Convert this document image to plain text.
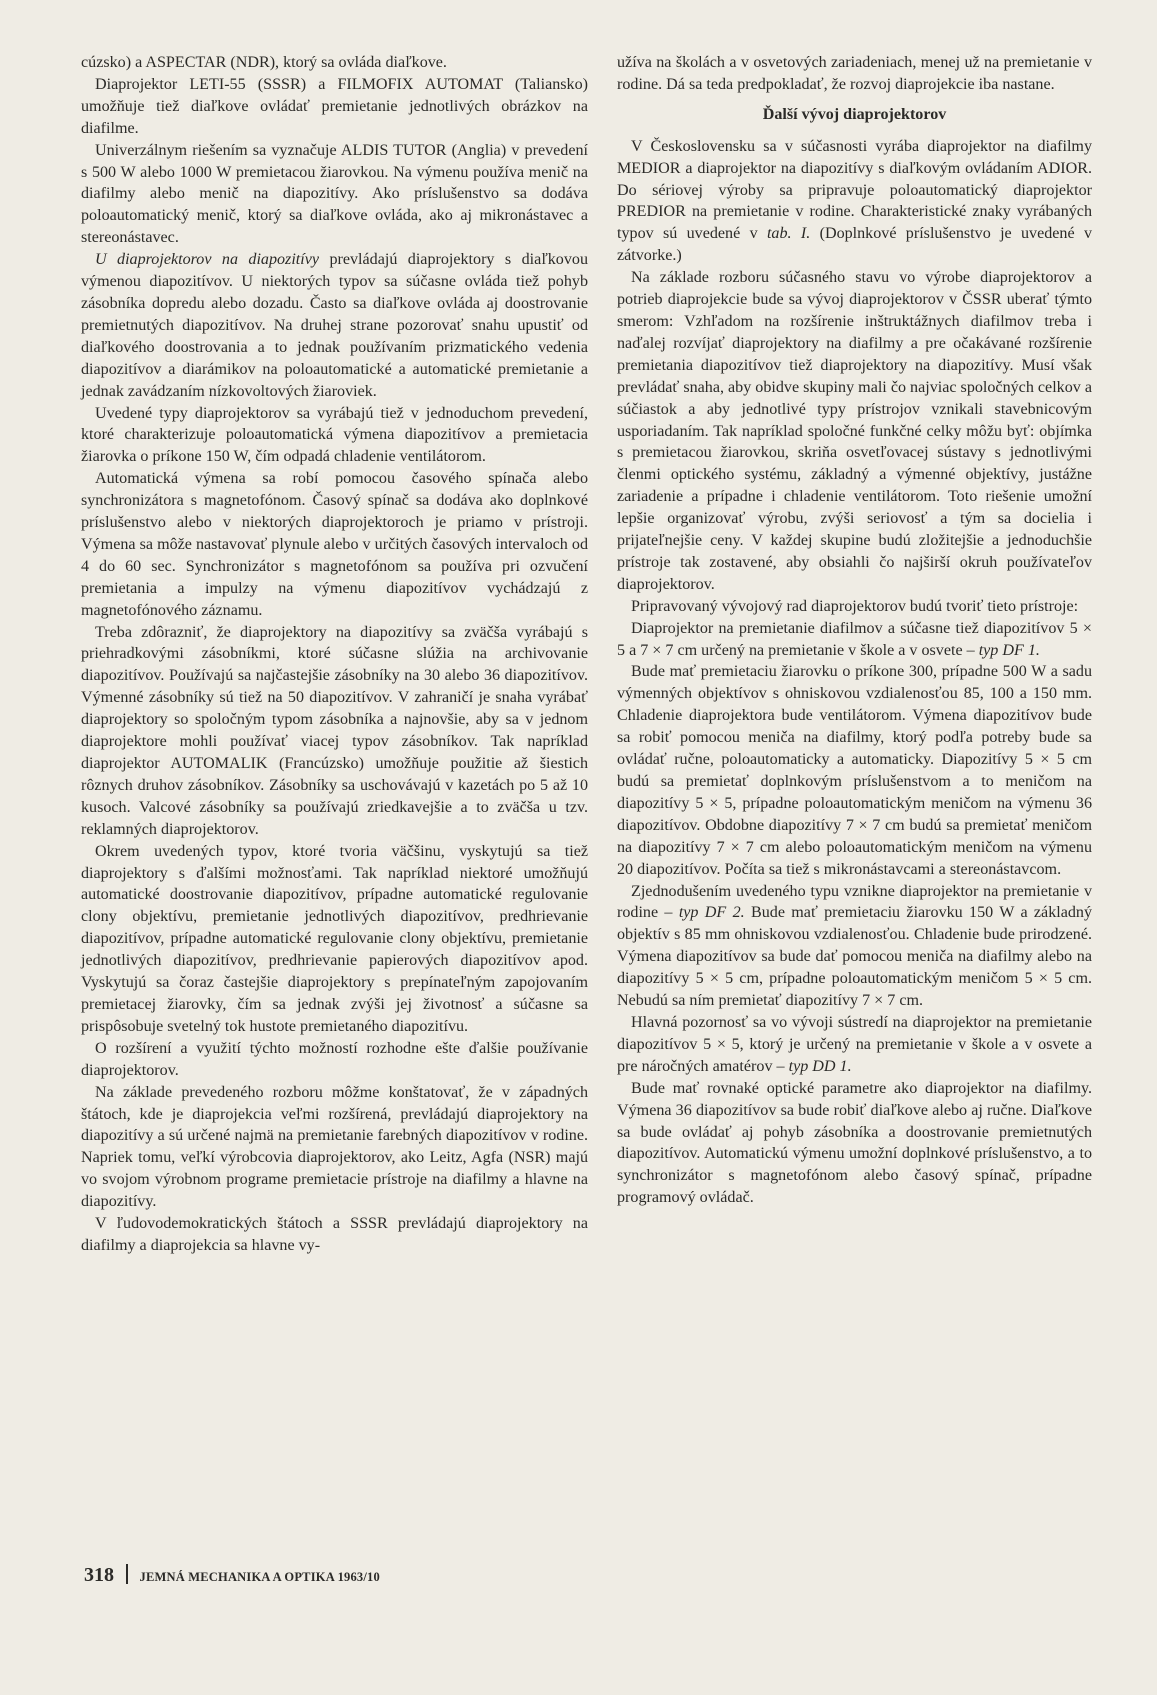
cúzsko) a ASPECTAR (NDR), ktorý sa ovláda diaľkove.

Diaprojektor LETI-55 (SSSR) a FILMOFIX AUTOMAT (Taliansko) umožňuje tiež diaľkove ovládať premietanie jednotlivých obrázkov na diafilme.

Univerzálnym riešením sa vyznačuje ALDIS TUTOR (Anglia) v prevedení s 500 W alebo 1000 W premietacou žiarovkou. Na výmenu používa menič na diafilmy alebo menič na diapozitívy. Ako príslušenstvo sa dodáva poloautomatický menič, ktorý sa diaľkove ovláda, ako aj mikronástavec a stereonástavec.

U diaprojektorov na diapozitívy prevládajú diaprojektory s diaľkovou výmenou diapozitívov. U niektorých typov sa súčasne ovláda tiež pohyb zásobníka dopredu alebo dozadu. Často sa diaľkove ovláda aj doostrovanie premietnutých diapozitívov. Na druhej strane pozorovať snahu upustiť od diaľkového doostrovania a to jednak používaním prizmatického vedenia diapozitívov a diarámikov na poloautomatické a automatické premietanie a jednak zavádzaním nízkovoltových žiaroviek.

Uvedené typy diaprojektorov sa vyrábajú tiež v jednoduchom prevedení, ktoré charakterizuje poloautomatická výmena diapozitívov a premietacia žiarovka o príkone 150 W, čím odpadá chladenie ventilátorom.

Automatická výmena sa robí pomocou časového spínača alebo synchronizátora s magnetofónom. Časový spínač sa dodáva ako doplnkové príslušenstvo alebo v niektorých diaprojektoroch je priamo v prístroji. Výmena sa môže nastavovať plynule alebo v určitých časových intervaloch od 4 do 60 sec. Synchronizátor s magnetofónom sa používa pri ozvučení premietania a impulzy na výmenu diapozitívov vychádzajú z magnetofónového záznamu.

Treba zdôrazniť, že diaprojektory na diapozitívy sa zväčša vyrábajú s priehradkovými zásobníkmi, ktoré súčasne slúžia na archivovanie diapozitívov. Používajú sa najčastejšie zásobníky na 30 alebo 36 diapozitívov. Výmenné zásobníky sú tiež na 50 diapozitívov. V zahraničí je snaha vyrábať diaprojektory so spoločným typom zásobníka a najnovšie, aby sa v jednom diaprojektore mohli používať viacej typov zásobníkov. Tak napríklad diaprojektor AUTOMALIK (Francúzsko) umožňuje použitie až šiestich rôznych druhov zásobníkov. Zásobníky sa uschovávajú v kazetách po 5 až 10 kusoch. Valcové zásobníky sa používajú zriedkavejšie a to zväčša u tzv. reklamných diaprojektorov.

Okrem uvedených typov, ktoré tvoria väčšinu, vyskytujú sa tiež diaprojektory s ďalšími možnosťami. Tak napríklad niektoré umožňujú automatické doostrovanie diapozitívov, prípadne automatické regulovanie clony objektívu, premietanie jednotlivých diapozitívov, predhrievanie diapozitívov, prípadne automatické regulovanie clony objektívu, premietanie jednotlivých diapozitívov, predhrievanie papierových diapozitívov apod. Vyskytujú sa čoraz častejšie diaprojektory s prepínateľným zapojovaním premietacej žiarovky, čím sa jednak zvýši jej životnosť a súčasne sa prispôsobuje svetelný tok hustote premietaného diapozitívu.

O rozšírení a využití týchto možností rozhodne ešte ďalšie používanie diaprojektorov.

Na základe prevedeného rozboru môžme konštatovať, že v západných štátoch, kde je diaprojekcia veľmi rozšírená, prevládajú diaprojektory na diapozitívy a sú určené najmä na premietanie farebných diapozitívov v rodine. Napriek tomu, veľkí výrobcovia diaprojektorov, ako Leitz, Agfa (NSR) majú vo svojom výrobnom programe premietacie prístroje na diafilmy a hlavne na diapozitívy.

V ľudovodemokratických štátoch a SSSR prevládajú diaprojektory na diafilmy a diaprojekcia sa hlavne vy-

užíva na školách a v osvetových zariadeniach, menej už na premietanie v rodine. Dá sa teda predpokladať, že rozvoj diaprojekcie iba nastane.

Ďalší vývoj diaprojektorov

V Československu sa v súčasnosti vyrába diaprojektor na diafilmy MEDIOR a diaprojektor na diapozitívy s diaľkovým ovládaním ADIOR. Do sériovej výroby sa pripravuje poloautomatický diaprojektor PREDIOR na premietanie v rodine. Charakteristické znaky vyrábaných typov sú uvedené v tab. I. (Doplnkové príslušenstvo je uvedené v zátvorke.)

Na základe rozboru súčasného stavu vo výrobe diaprojektorov a potrieb diaprojekcie bude sa vývoj diaprojektorov v ČSSR uberať týmto smerom: Vzhľadom na rozšírenie inštruktážnych diafilmov treba i naďalej rozvíjať diaprojektory na diafilmy a pre očakávané rozšírenie premietania diapozitívov tiež diaprojektory na diapozitívy. Musí však prevládať snaha, aby obidve skupiny mali čo najviac spoločných celkov a súčiastok a aby jednotlivé typy prístrojov vznikali stavebnicovým usporiadaním. Tak napríklad spoločné funkčné celky môžu byť: objímka s premietacou žiarovkou, skriňa osvetľovacej sústavy s jednotlivými členmi optického systému, základný a výmenné objektívy, justážne zariadenie a prípadne i chladenie ventilátorom. Toto riešenie umožní lepšie organizovať výrobu, zvýši seriovosť a tým sa docielia i prijateľnejšie ceny. V každej skupine budú zložitejšie a jednoduchšie prístroje tak zostavené, aby obsiahli čo najširší okruh používateľov diaprojektorov.

Pripravovaný vývojový rad diaprojektorov budú tvoriť tieto prístroje:

Diaprojektor na premietanie diafilmov a súčasne tiež diapozitívov 5 × 5 a 7 × 7 cm určený na premietanie v škole a v osvete – typ DF 1.

Bude mať premietaciu žiarovku o príkone 300, prípadne 500 W a sadu výmenných objektívov s ohniskovou vzdialenosťou 85, 100 a 150 mm. Chladenie diaprojektora bude ventilátorom. Výmena diapozitívov bude sa robiť pomocou meniča na diafilmy, ktorý podľa potreby bude sa ovládať ručne, poloautomaticky a automaticky. Diapozitívy 5 × 5 cm budú sa premietať doplnkovým príslušenstvom a to meničom na diapozitívy 5 × 5, prípadne poloautomatickým meničom na výmenu 36 diapozitívov. Obdobne diapozitívy 7 × 7 cm budú sa premietať meničom na diapozitívy 7 × 7 cm alebo poloautomatickým meničom na výmenu 20 diapozitívov. Počíta sa tiež s mikronástavcami a stereonástavcom.

Zjednodušením uvedeného typu vznikne diaprojektor na premietanie v rodine – typ DF 2. Bude mať premietaciu žiarovku 150 W a základný objektív s 85 mm ohniskovou vzdialenosťou. Chladenie bude prirodzené. Výmena diapozitívov sa bude dať pomocou meniča na diafilmy alebo na diapozitívy 5 × 5 cm, prípadne poloautomatickým meničom 5 × 5 cm. Nebudú sa ním premietať diapozitívy 7 × 7 cm.

Hlavná pozornosť sa vo vývoji sústredí na diaprojektor na premietanie diapozitívov 5 × 5, ktorý je určený na premietanie v škole a v osvete a pre náročných amatérov – typ DD 1.

Bude mať rovnaké optické parametre ako diaprojektor na diafilmy. Výmena 36 diapozitívov sa bude robiť diaľkove alebo aj ručne. Diaľkove sa bude ovládať aj pohyb zásobníka a doostrovanie premietnutých diapozitívov. Automatickú výmenu umožní doplnkové príslušenstvo, a to synchronizátor s magnetofónom alebo časový spínač, prípadne programový ovládač.

318 JEMNÁ MECHANIKA A OPTIKA 1963/10
